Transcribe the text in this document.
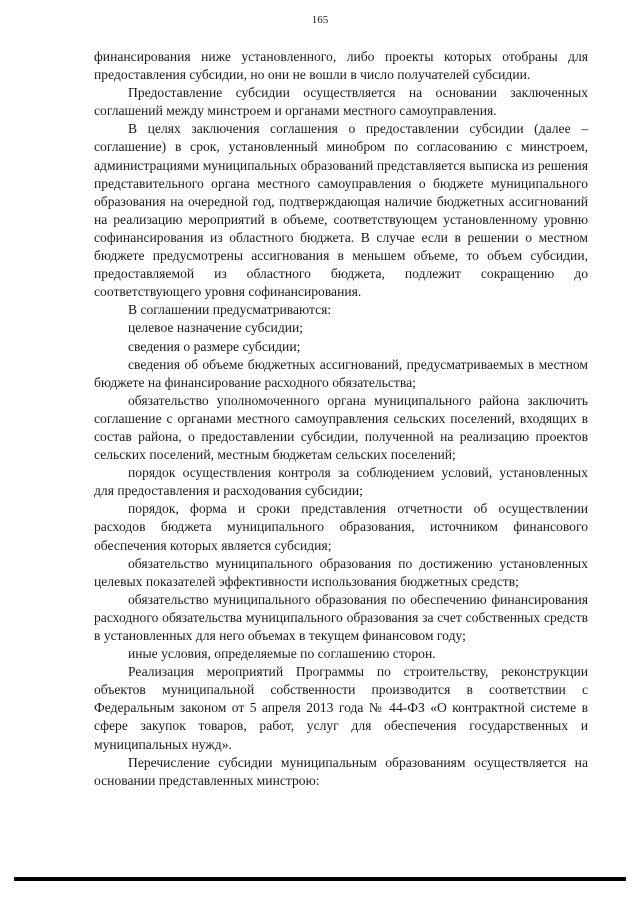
165

финансирования ниже установленного, либо проекты которых отобраны для предоставления субсидии, но они не вошли в число получателей субсидии.

Предоставление субсидии осуществляется на основании заключенных соглашений между минстроем и органами местного самоуправления.

В целях заключения соглашения о предоставлении субсидии (далее – соглашение) в срок, установленный минобром по согласованию с минстроем, администрациями муниципальных образований представляется выписка из решения представительного органа местного самоуправления о бюджете муниципального образования на очередной год, подтверждающая наличие бюджетных ассигнований на реализацию мероприятий в объеме, соответствующем установленному уровню софинансирования из областного бюджета. В случае если в решении о местном бюджете предусмотрены ассигнования в меньшем объеме, то объем субсидии, предоставляемой из областного бюджета, подлежит сокращению до соответствующего уровня софинансирования.

В соглашении предусматриваются:

целевое назначение субсидии;

сведения о размере субсидии;

сведения об объеме бюджетных ассигнований, предусматриваемых в местном бюджете на финансирование расходного обязательства;

обязательство уполномоченного органа муниципального района заключить соглашение с органами местного самоуправления сельских поселений, входящих в состав района, о предоставлении субсидии, полученной на реализацию проектов сельских поселений, местным бюджетам сельских поселений;

порядок осуществления контроля за соблюдением условий, установленных для предоставления и расходования субсидии;

порядок, форма и сроки представления отчетности об осуществлении расходов бюджета муниципального образования, источником финансового обеспечения которых является субсидия;

обязательство муниципального образования по достижению установленных целевых показателей эффективности использования бюджетных средств;

обязательство муниципального образования по обеспечению финансирования расходного обязательства муниципального образования за счет собственных средств в установленных для него объемах в текущем финансовом году;

иные условия, определяемые по соглашению сторон.

Реализация мероприятий Программы по строительству, реконструкции объектов муниципальной собственности производится в соответствии с Федеральным законом от 5 апреля 2013 года № 44-ФЗ «О контрактной системе в сфере закупок товаров, работ, услуг для обеспечения государственных и муниципальных нужд».

Перечисление субсидии муниципальным образованиям осуществляется на основании представленных минстрою:
